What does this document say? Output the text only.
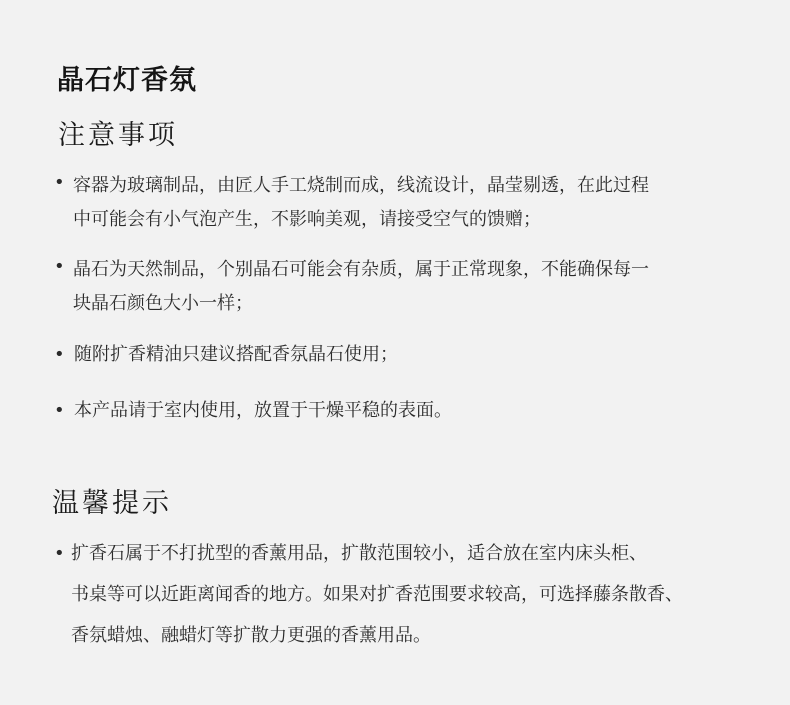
晶石灯香氛
注意事项
• 容器为玻璃制品，由匠人手工烧制而成，线流设计，晶莹剔透，在此过程
中可能会有小气泡产生，不影响美观，请接受空气的馈赠；
• 晶石为天然制品，个别晶石可能会有杂质，属于正常现象，不能确保每一
块晶石颜色大小一样；
• 随附扩香精油只建议搭配香氛晶石使用；
• 本产品请于室内使用，放置于干燥平稳的表面。
温馨提示
• 扩香石属于不打扰型的香薰用品，扩散范围较小，适合放在室内床头柜、
书桌等可以近距离闻香的地方。如果对扩香范围要求较高，可选择藤条散香、
香氛蜡烛、融蜡灯等扩散力更强的香薰用品。
